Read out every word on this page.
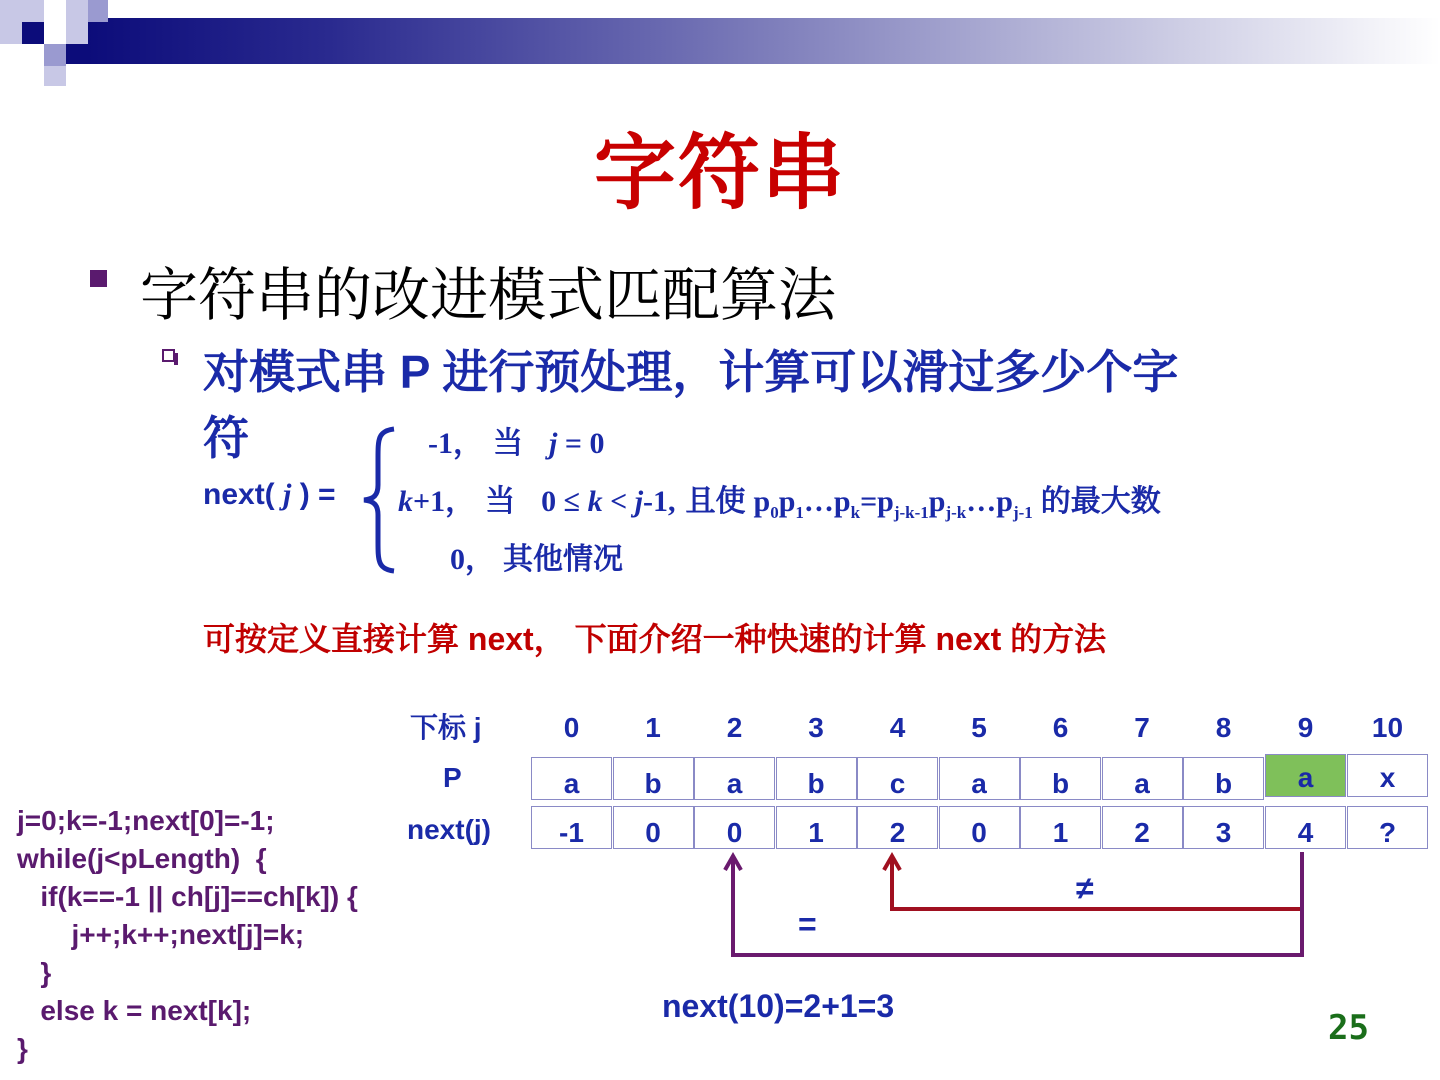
字符串
字符串的改进模式匹配算法
对模式串 P 进行预处理，计算可以滑过多少个字
符
next( j ) =
-1， 当 j = 0
k+1， 当 0 ≤ k < j-1, 且使 $p_0p_1\dots p_k=p_{j-k-1}p_{j-k}\dots p_{j-1}$ 的最大数
0， 其他情况
可按定义直接计算 next， 下面介绍一种快速的计算 next 的方法
下标 j
P
next(j)
0
a
-1
1
b
0
2
a
0
3
b
1
4
c
2
5
a
0
6
b
1
7
a
2
8
b
3
9
a
4
10
x
?
≠
=
j=0;k=-1;next[0]=-1;
while(j<pLength)  {
if(k==-1 || ch[j]==ch[k]) {
j++;k++;next[j]=k;
}
else k = next[k];
}
next(10)=2+1=3
25
